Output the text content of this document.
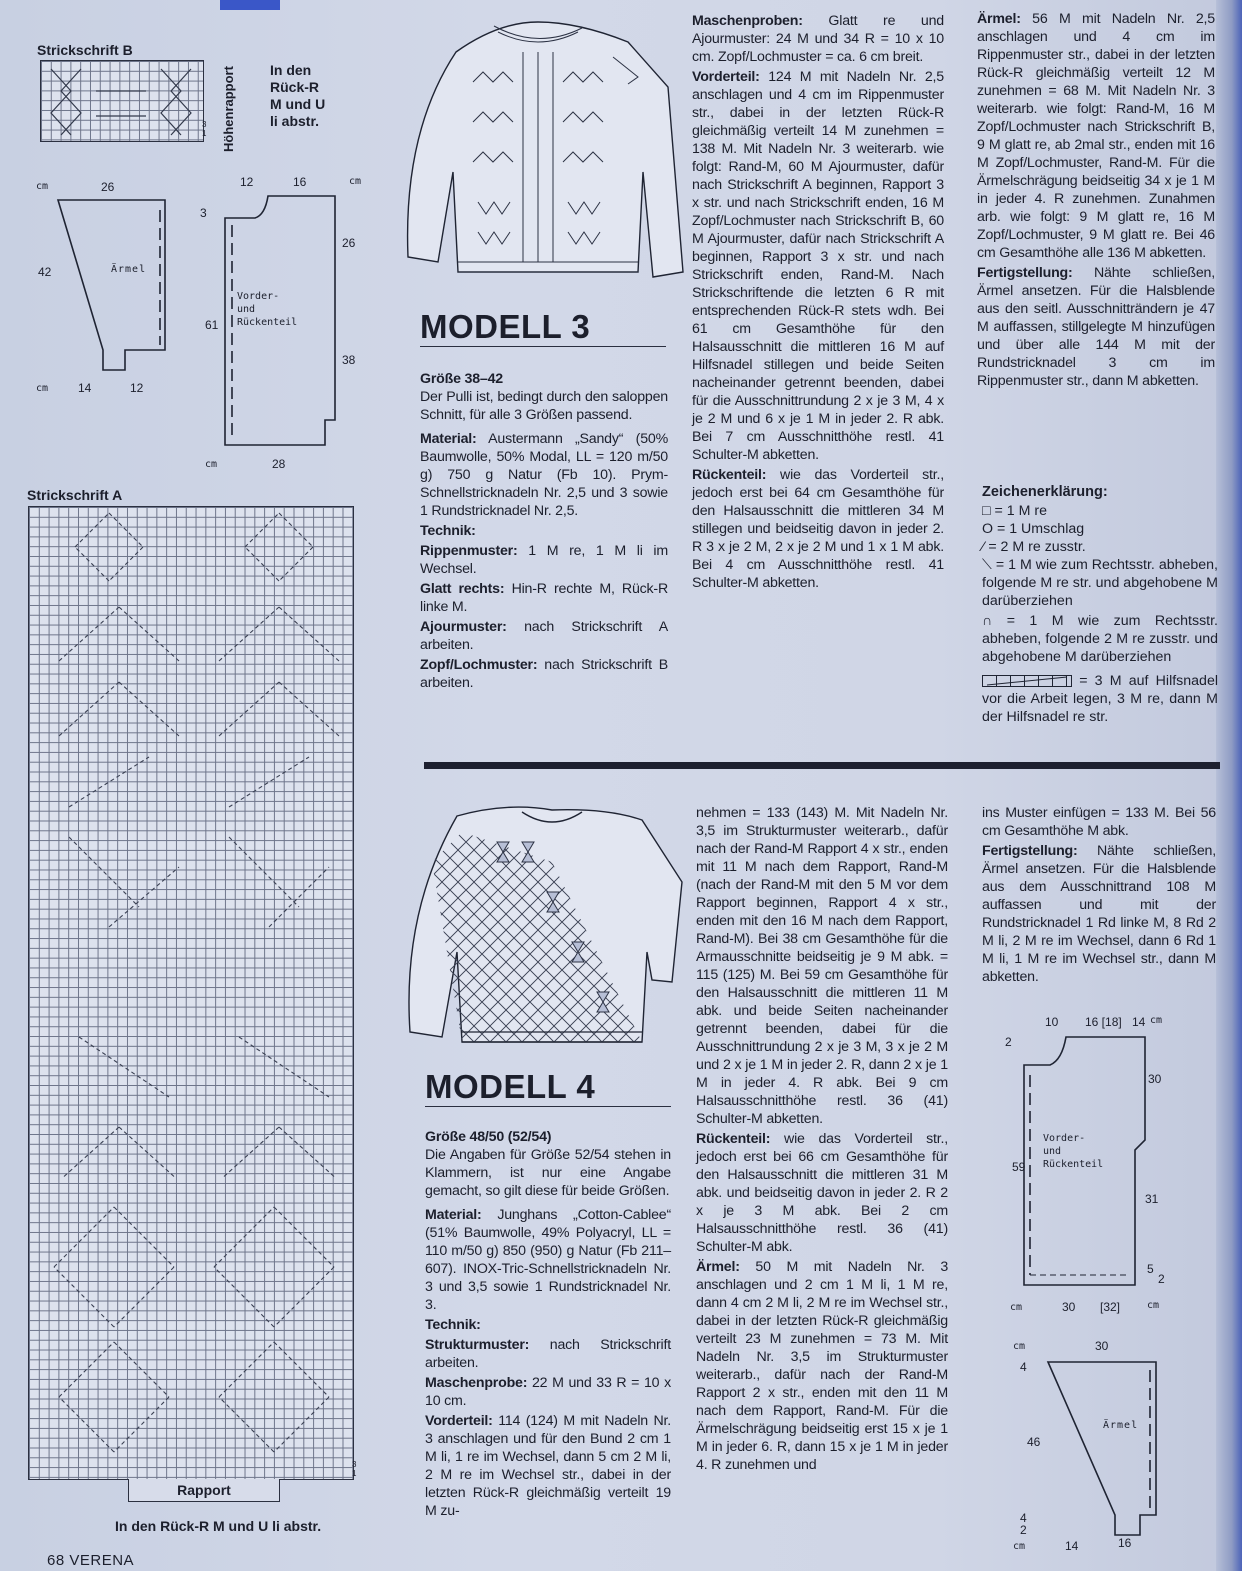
Strickschrift B
3
1 Höhenrapport In den
Rück-R
M und U
li abstr.
cm	26
42	Ärmel
cm 14	12
12	16	cm
3
26
61
Vorder-
und
Rückenteil
38
28
cm
Strickschrift A
3
1
Rapport
In den Rück-R M und U li abstr.
68 VERENA
MODELL 3

Größe 38–42
Der Pulli ist, bedingt durch den saloppen Schnitt, für alle 3 Größen passend.

Material: Austermann „Sandy“ (50% Baumwolle, 50% Modal, LL = 120 m/50 g) 750 g Natur (Fb 10). Prym-Schnellstricknadeln Nr. 2,5 und 3 sowie 1 Rundstricknadel Nr. 2,5.

Technik:

Rippenmuster: 1 M re, 1 M li im Wechsel.

Glatt rechts: Hin-R rechte M, Rück-R linke M.

Ajourmuster: nach Strickschrift A arbeiten.

Zopf/Lochmuster: nach Strickschrift B arbeiten.

Maschenproben: Glatt re und Ajourmuster: 24 M und 34 R = 10 x 10 cm. Zopf/Lochmuster = ca. 6 cm breit.

Vorderteil: 124 M mit Nadeln Nr. 2,5 anschlagen und 4 cm im Rippenmuster str., dabei in der letzten Rück-R gleichmäßig verteilt 14 M zunehmen = 138 M. Mit Nadeln Nr. 3 weiterarb. wie folgt: Rand-M, 60 M Ajourmuster, dafür nach Strickschrift A beginnen, Rapport 3 x str. und nach Strickschrift enden, 16 M Zopf/Lochmuster nach Strickschrift B, 60 M Ajourmuster, dafür nach Strickschrift A beginnen, Rapport 3 x str. und nach Strickschrift enden, Rand-M. Nach Strickschriftende die letzten 6 R mit entsprechenden Rück-R stets wdh. Bei 61 cm Gesamthöhe für den Halsausschnitt die mittleren 16 M auf Hilfsnadel stillegen und beide Seiten nacheinander getrennt beenden, dabei für die Ausschnittrundung 2 x je 3 M, 4 x je 2 M und 6 x je 1 M in jeder 2. R abk. Bei 7 cm Ausschnitthöhe restl. 41 Schulter-M abketten.

Rückenteil: wie das Vorderteil str., jedoch erst bei 64 cm Gesamthöhe für den Halsausschnitt die mittleren 34 M stillegen und beidseitig davon in jeder 2. R 3 x je 2 M, 2 x je 2 M und 1 x 1 M abk. Bei 4 cm Ausschnitthöhe restl. 41 Schulter-M abketten.

Ärmel: 56 M mit Nadeln Nr. 2,5 anschlagen und 4 cm im Rippenmuster str., dabei in der letzten Rück-R gleichmäßig verteilt 12 M zunehmen = 68 M. Mit Nadeln Nr. 3 weiterarb. wie folgt: Rand-M, 16 M Zopf/Lochmuster nach Strickschrift B, 9 M glatt re, ab 2mal str., enden mit 16 M Zopf/Lochmuster, Rand-M. Für die Ärmelschrägung beidseitig 34 x je 1 M in jeder 4. R zunehmen. Zunahmen arb. wie folgt: 9 M glatt re, 16 M Zopf/Lochmuster, 9 M glatt re. Bei 46 cm Gesamthöhe alle 136 M abketten.

Fertigstellung: Nähte schließen, Ärmel ansetzen. Für die Halsblende aus den seitl. Ausschnitträndern je 47 M auffassen, stillgelegte M hinzufügen und über alle 144 M mit der Rundstricknadel 3 cm im Rippenmuster str., dann M abketten.

Zeichenerklärung:
□ = 1 M re
O = 1 Umschlag
⁄ = 2 M re zusstr.
⟍ = 1 M wie zum Rechtsstr. abheben, folgende M re str. und abgehobene M darüberziehen
∩ = 1 M wie zum Rechtsstr. abheben, folgende 2 M re zusstr. und abgehobene M darüberziehen
= 3 M auf Hilfsnadel vor die Arbeit legen, 3 M re, dann M der Hilfsnadel re str.
MODELL 4

Größe 48/50 (52/54)
Die Angaben für Größe 52/54 stehen in Klammern, ist nur eine Angabe gemacht, so gilt diese für beide Größen.

Material: Junghans „Cotton-Cablee“ (51% Baumwolle, 49% Polyacryl, LL = 110 m/50 g) 850 (950) g Natur (Fb 211–607). INOX-Tric-Schnellstricknadeln Nr. 3 und 3,5 sowie 1 Rundstricknadel Nr. 3.

Technik:

Strukturmuster: nach Strickschrift arbeiten.

Maschenprobe: 22 M und 33 R = 10 x 10 cm.

Vorderteil: 114 (124) M mit Nadeln Nr. 3 anschlagen und für den Bund 2 cm 1 M li, 1 re im Wechsel, dann 5 cm 2 M li, 2 M re im Wechsel str., dabei in der letzten Rück-R gleichmäßig verteilt 19 M zu-

nehmen = 133 (143) M. Mit Nadeln Nr. 3,5 im Strukturmuster weiterarb., dafür nach der Rand-M Rapport 4 x str., enden mit 11 M nach dem Rapport, Rand-M (nach der Rand-M mit den 5 M vor dem Rapport beginnen, Rapport 4 x str., enden mit den 16 M nach dem Rapport, Rand-M). Bei 38 cm Gesamthöhe für die Armausschnitte beidseitig je 9 M abk. = 115 (125) M. Bei 59 cm Gesamthöhe für den Halsausschnitt die mittleren 11 M abk. und beide Seiten nacheinander getrennt beenden, dabei für die Ausschnittrundung 2 x je 3 M, 3 x je 2 M und 2 x je 1 M in jeder 2. R, dann 2 x je 1 M in jeder 4. R abk. Bei 9 cm Halsausschnitthöhe restl. 36 (41) Schulter-M abketten.

Rückenteil: wie das Vorderteil str., jedoch erst bei 66 cm Gesamthöhe für den Halsausschnitt die mittleren 31 M abk. und beidseitig davon in jeder 2. R 2 x je 3 M abk. Bei 2 cm Halsausschnitthöhe restl. 36 (41) Schulter-M abk.

Ärmel: 50 M mit Nadeln Nr. 3 anschlagen und 2 cm 1 M li, 1 M re, dann 4 cm 2 M li, 2 M re im Wechsel str., dabei in der letzten Rück-R gleichmäßig verteilt 23 M zunehmen = 73 M. Mit Nadeln Nr. 3,5 im Strukturmuster weiterarb., dafür nach der Rand-M Rapport 2 x str., enden mit den 11 M nach dem Rapport, Rand-M. Für die Ärmelschrägung beidseitig erst 15 x je 1 M in jeder 6. R, dann 15 x je 1 M in jeder 4. R zunehmen und

ins Muster einfügen = 133 M. Bei 56 cm Gesamthöhe M abk.

Fertigstellung: Nähte schließen, Ärmel ansetzen. Für die Halsblende aus dem Ausschnittrand 108 M auffassen und mit der Rundstricknadel 1 Rd linke M, 8 Rd 2 M li, 2 M re im Wechsel, dann 6 Rd 1 M li, 1 M re im Wechsel str., dann M abketten.

10 16 [18] 14 cm
2
30
59
Vorder-
und
Rückenteil
31
5
2
cm	30 [32]	cm
cm	30
4
46
Ärmel
4
2
cm	14	16
